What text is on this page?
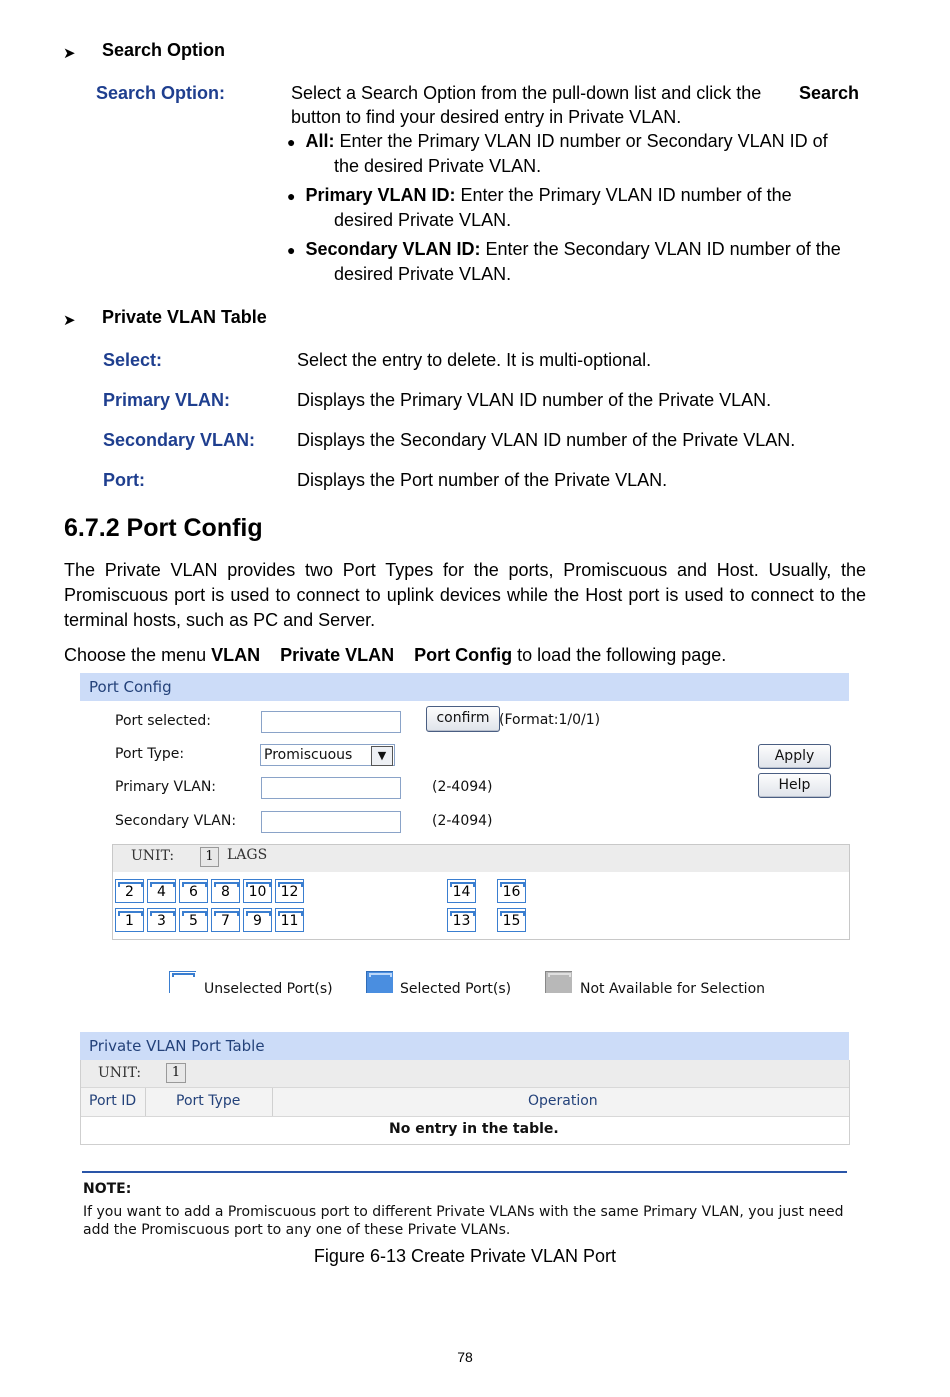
➤ Search Option
Search Option:	Select a Search Option from the pull-down list and click the Search
button to find your desired entry in Private VLAN.
● All: Enter the Primary VLAN ID number or Secondary VLAN ID of
the desired Private VLAN.
● Primary VLAN ID: Enter the Primary VLAN ID number of the
desired Private VLAN.
● Secondary VLAN ID: Enter the Secondary VLAN ID number of the
desired Private VLAN.
➤ Private VLAN Table
Select:	Select the entry to delete. It is multi-optional.
Primary VLAN:	Displays the Primary VLAN ID number of the Private VLAN.
Secondary VLAN: Displays the Secondary VLAN ID number of the Private VLAN.
Port:	Displays the Port number of the Private VLAN.
6.7.2 Port Config
The Private VLAN provides two Port Types for the ports, Promiscuous and Host. Usually, the
Promiscuous port is used to connect to uplink devices while the Host port is used to connect to the
terminal hosts, such as PC and Server.
Choose the menu VLAN Private VLAN Port Config to load the following page.
Port Config
Port selected:	confirm (Format:1/0/1)
Port Type:	Promiscuous	▼	Apply
Help
Primary VLAN:	(2-4094)
Secondary VLAN:	(2-4094)
UNIT:	1 LAGS
2	4	6	8	10	12	14	16
1	3	5	7	9	11	13	15
Unselected Port(s)	Selected Port(s)	Not Available for Selection
Private VLAN Port Table
UNIT:	1
Port ID	Port Type	Operation
No entry in the table.
NOTE:
If you want to add a Promiscuous port to different Private VLANs with the same Primary VLAN, you just need
add the Promiscuous port to any one of these Private VLANs.
Figure 6-13 Create Private VLAN Port
78
